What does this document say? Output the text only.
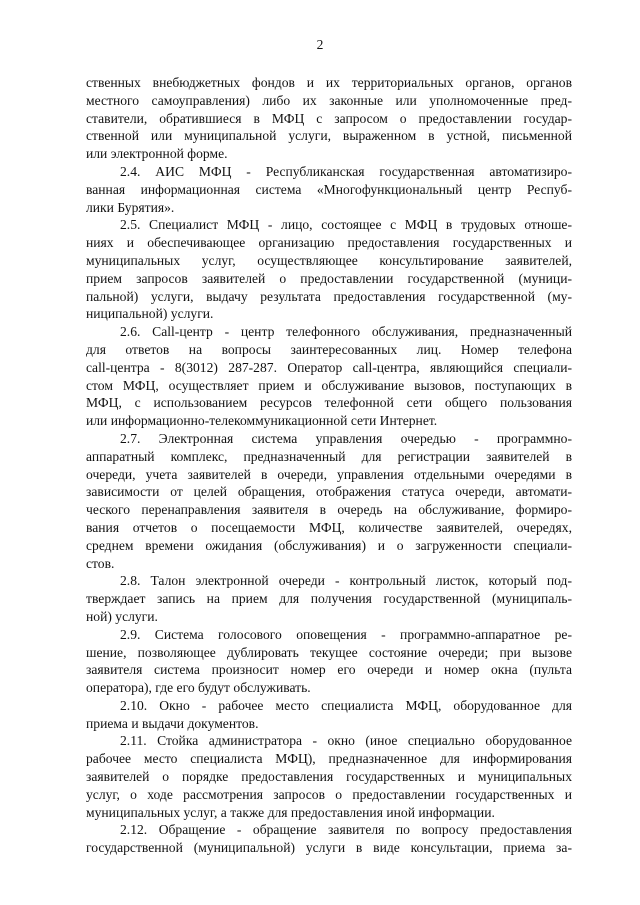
2
ственных внебюджетных фондов и их территориальных органов, органов
местного самоуправления) либо их законные или уполномоченные пред-
ставители, обратившиеся в МФЦ с запросом о предоставлении государ-
ственной или муниципальной услуги, выраженном в устной, письменной
или электронной форме.
2.4. АИС МФЦ - Республиканская государственная автоматизиро-
ванная информационная система «Многофункциональный центр Респуб-
лики Бурятия».
2.5. Специалист МФЦ - лицо, состоящее с МФЦ в трудовых отноше-
ниях и обеспечивающее организацию предоставления государственных и
муниципальных услуг, осуществляющее консультирование заявителей,
прием запросов заявителей о предоставлении государственной (муници-
пальной) услуги, выдачу результата предоставления государственной (му-
ниципальной) услуги.
2.6. Call-центр - центр телефонного обслуживания, предназначенный
для ответов на вопросы заинтересованных лиц. Номер телефона
call-центра - 8(3012) 287-287. Оператор call-центра, являющийся специали-
стом МФЦ, осуществляет прием и обслуживание вызовов, поступающих в
МФЦ, с использованием ресурсов телефонной сети общего пользования
или информационно-телекоммуникационной сети Интернет.
2.7. Электронная система управления очередью - программно-
аппаратный комплекс, предназначенный для регистрации заявителей в
очереди, учета заявителей в очереди, управления отдельными очередями в
зависимости от целей обращения, отображения статуса очереди, автомати-
ческого перенаправления заявителя в очередь на обслуживание, формиро-
вания отчетов о посещаемости МФЦ, количестве заявителей, очередях,
среднем времени ожидания (обслуживания) и о загруженности специали-
стов.
2.8. Талон электронной очереди - контрольный листок, который под-
тверждает запись на прием для получения государственной (муниципаль-
ной) услуги.
2.9. Система голосового оповещения - программно-аппаратное ре-
шение, позволяющее дублировать текущее состояние очереди; при вызове
заявителя система произносит номер его очереди и номер окна (пульта
оператора), где его будут обслуживать.
2.10. Окно - рабочее место специалиста МФЦ, оборудованное для
приема и выдачи документов.
2.11. Стойка администратора - окно (иное специально оборудованное
рабочее место специалиста МФЦ), предназначенное для информирования
заявителей о порядке предоставления государственных и муниципальных
услуг, о ходе рассмотрения запросов о предоставлении государственных и
муниципальных услуг, а также для предоставления иной информации.
2.12. Обращение - обращение заявителя по вопросу предоставления
государственной (муниципальной) услуги в виде консультации, приема за-
